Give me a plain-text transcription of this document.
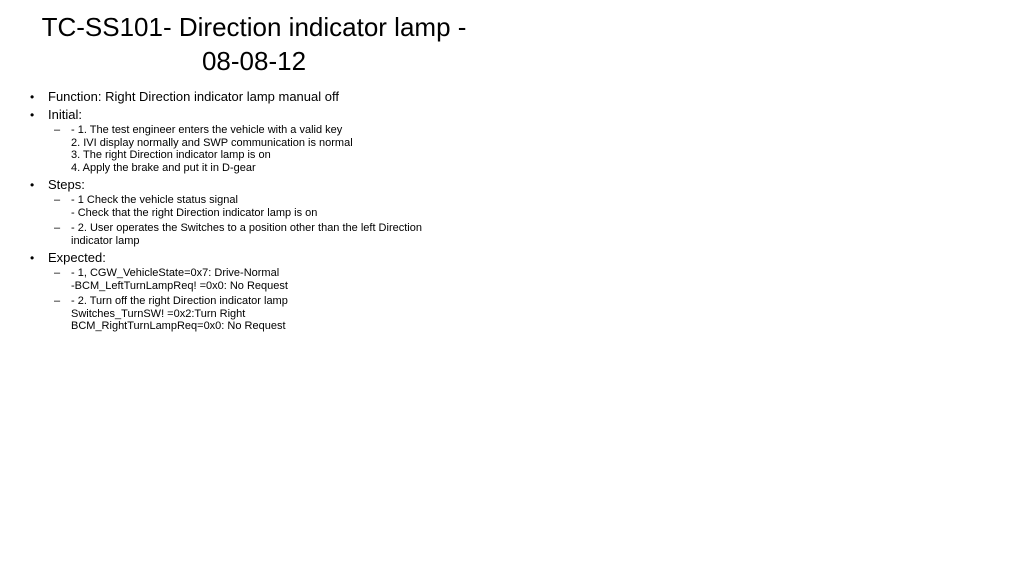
TC-SS101- Direction indicator lamp -
08-08-12
• Function: Right Direction indicator lamp manual off
• Initial:
– - 1. The test engineer enters the vehicle with a valid key
2. IVI display normally and SWP communication is normal
3. The right Direction indicator lamp is on
4. Apply the brake and put it in D-gear
• Steps:
– - 1 Check the vehicle status signal
- Check that the right Direction indicator lamp is on
– - 2. User operates the Switches to a position other than the left Direction
indicator lamp
• Expected:
– - 1, CGW_VehicleState=0x7: Drive-Normal
-BCM_LeftTurnLampReq! =0x0: No Request
– - 2. Turn off the right Direction indicator lamp
Switches_TurnSW! =0x2:Turn Right
BCM_RightTurnLampReq=0x0: No Request
